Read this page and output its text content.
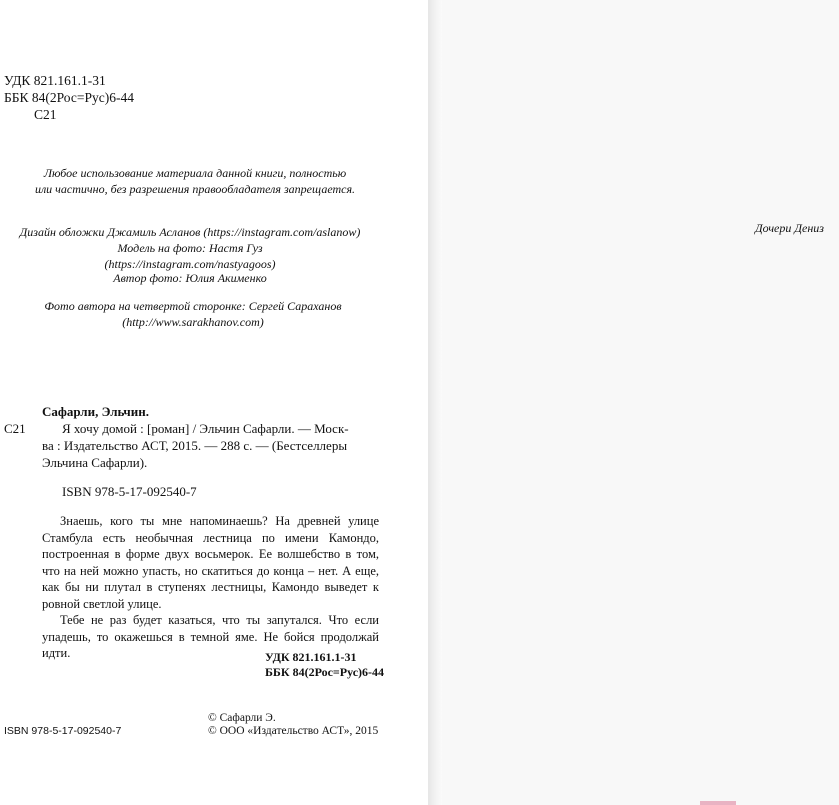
УДК 821.161.1-31
ББК 84(2Рос=Рус)6-44
С21
Любое использование материала данной книги, полностью
или частично, без разрешения правообладателя запрещается.
Дизайн обложки Джамиль Асланов (https://instagram.com/aslanow)
Модель на фото: Настя Гуз
(https://instagram.com/nastyagoos)
Автор фото: Юлия Акименко
Фото автора на четвертой сторонке: Сергей Сараханов
(http://www.sarakhanov.com)
Сафарли, Эльчин.
С21	Я хочу домой : [роман] / Эльчин Сафарли. — Моск-
ва : Издательство АСТ, 2015. — 288 с. — (Бестселлеры
Эльчина Сафарли).
ISBN 978-5-17-092540-7

Знаешь, кого ты мне напоминаешь? На древней улице Стамбула есть необычная лестница по имени Камондо, построенная в форме двух восьмерок. Ее волшебство в том, что на ней можно упасть, но скатиться до конца – нет. А еще, как бы ни плутал в ступенях лестницы, Камондо выведет к ровной светлой улице.

Тебе не раз будет казаться, что ты запутался. Что если упадешь, то окажешься в темной яме. Не бойся продолжай идти.	УДК 821.161.1-31
ББК 84(2Рос=Рус)6-44
© Сафарли Э.
ISBN 978-5-17-092540-7	© ООО «Издательство АСТ», 2015
Дочери Дениз
